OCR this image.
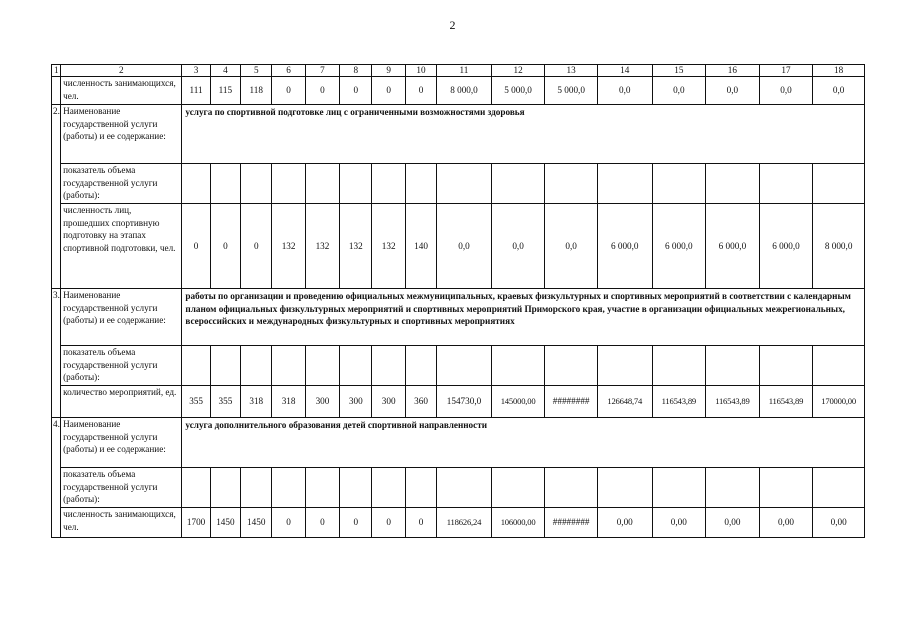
2
1	2	3	4	5	6	7	8	9	10	11	12	13	14	15	16	17	18
	численность занимающихся, чел.	111	115	118	0	0	0	0	0	8 000,0	5 000,0	5 000,0	0,0	0,0	0,0	0,0	0,0
2.	Наименование государственной услуги (работы) и ее содержание:	услуга по спортивной подготовке лиц с ограниченными возможностями здоровья															
	показатель объема государственной услуги (работы):																
	численность лиц, прошедших спортивную подготовку на этапах спортивной подготовки, чел.	0	0	0	132	132	132	132	140	0,0	0,0	0,0	6 000,0	6 000,0	6 000,0	6 000,0	8 000,0
3.	Наименование государственной услуги (работы) и ее содержание:	работы по организации и проведению официальных межмуниципальных, краевых физкультурных и спортивных мероприятий в соответствии с календарным планом официальных физкультурных мероприятий и спортивных мероприятий Приморского края, участие в организации официальных межрегиональных, всероссийских и международных физкультурных и спортивных мероприятиях															
	показатель объема государственной услуги (работы):																
	количество мероприятий, ед.	355	355	318	318	300	300	300	360	154730,0	145000,00	########	126648,74	116543,89	116543,89	116543,89	170000,00
4.	Наименование государственной услуги (работы) и ее содержание:	услуга дополнительного образования детей спортивной направленности															
	показатель объема государственной услуги (работы):																
	численность занимающихся, чел.	1700	1450	1450	0	0	0	0	0	118626,24	106000,00	########	0,00	0,00	0,00	0,00	0,00
